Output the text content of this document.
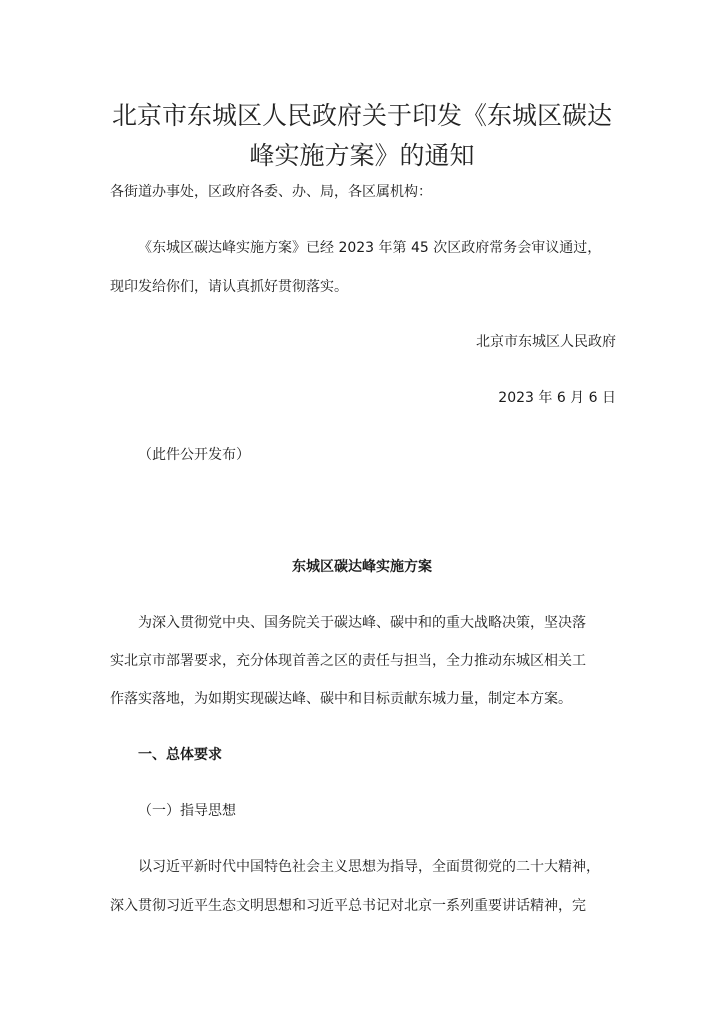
北京市东城区人民政府关于印发《东城区碳达峰实施方案》的通知

各街道办事处，区政府各委、办、局，各区属机构：

《东城区碳达峰实施方案》已经 2023 年第 45 次区政府常务会审议通过，

现印发给你们，请认真抓好贯彻落实。

北京市东城区人民政府

2023 年 6 月 6 日

（此件公开发布）

东城区碳达峰实施方案

为深入贯彻党中央、国务院关于碳达峰、碳中和的重大战略决策，坚决落

实北京市部署要求，充分体现首善之区的责任与担当，全力推动东城区相关工

作落实落地，为如期实现碳达峰、碳中和目标贡献东城力量，制定本方案。

一、总体要求

（一）指导思想

以习近平新时代中国特色社会主义思想为指导，全面贯彻党的二十大精神，

深入贯彻习近平生态文明思想和习近平总书记对北京一系列重要讲话精神，完
